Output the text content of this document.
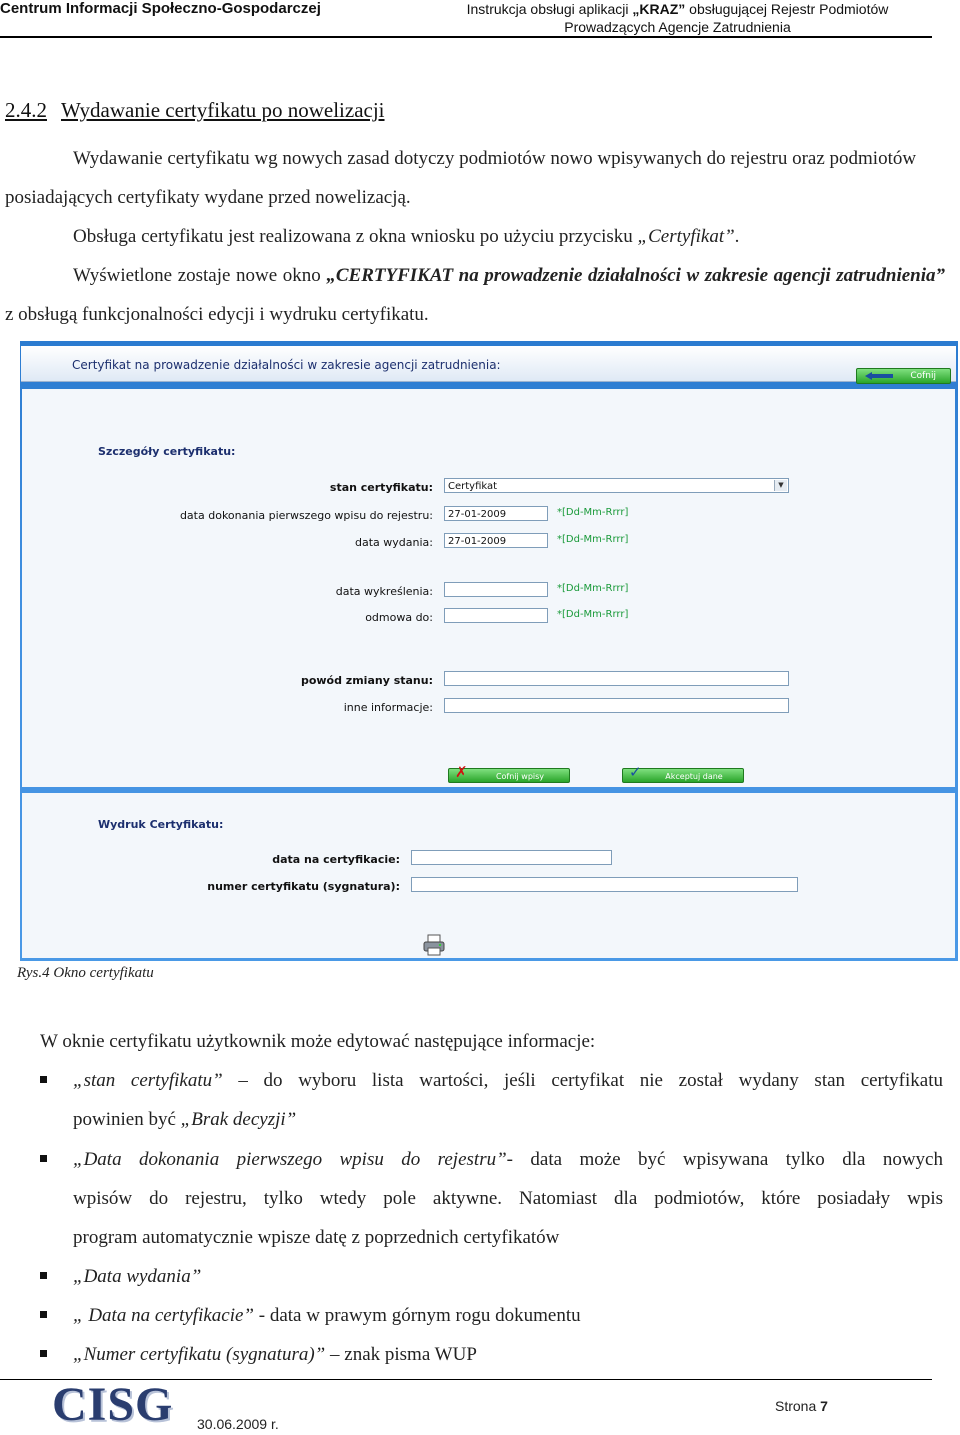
Centrum Informacji Społeczno-Gospodarczej	Instrukcja obsługi aplikacji „KRAZ” obsługującej Rejestr Podmiotów
Prowadzących Agencje Zatrudnienia
2.4.2 Wydawanie certyfikatu po nowelizacji

Wydawanie certyfikatu wg nowych zasad dotyczy podmiotów nowo wpisywanych do rejestru oraz podmiotów posiadających certyfikaty wydane przed nowelizacją.

Obsługa certyfikatu jest realizowana z okna wniosku po użyciu przycisku „Certyfikat”.

Wyświetlone zostaje nowe okno „CERTYFIKAT na prowadzenie działalności w zakresie agencji zatrudnienia” z obsługą funkcjonalności edycji i wydruku certyfikatu.

Certyfikat na prowadzenie działalności w zakresie agencji zatrudnienia:
Cofnij
Szczegóły certyfikatu:
stan certyfikatu:	Certyfikat	▼
data dokonania pierwszego wpisu do rejestru:	27-01-2009	*[Dd-Mm-Rrrr]
data wydania:	27-01-2009	*[Dd-Mm-Rrrr]
data wykreślenia:	*[Dd-Mm-Rrrr]
odmowa do:	*[Dd-Mm-Rrrr]
powód zmiany stanu:
inne informacje:
✗	Cofnij wpisy	✓	Akceptuj dane
Wydruk Certyfikatu:
data na certyfikacie:
numer certyfikatu (sygnatura):
Rys.4 Okno certyfikatu
W oknie certyfikatu użytkownik może edytować następujące informacje:

„stan certyfikatu” – do wyboru lista wartości, jeśli certyfikat nie został wydany stan certyfikatu

powinien być „Brak decyzji”

„Data dokonania pierwszego wpisu do rejestru”- data może być wpisywana tylko dla nowych

wpisów do rejestru, tylko wtedy pole aktywne. Natomiast dla podmiotów, które posiadały wpis

program automatycznie wpisze datę z poprzednich certyfikatów

„Data wydania”

„ Data na certyfikacie” - data w prawym górnym rogu dokumentu

„Numer certyfikatu (sygnatura)” – znak pisma WUP

CISG 30.06.2009 r.
Strona 7
